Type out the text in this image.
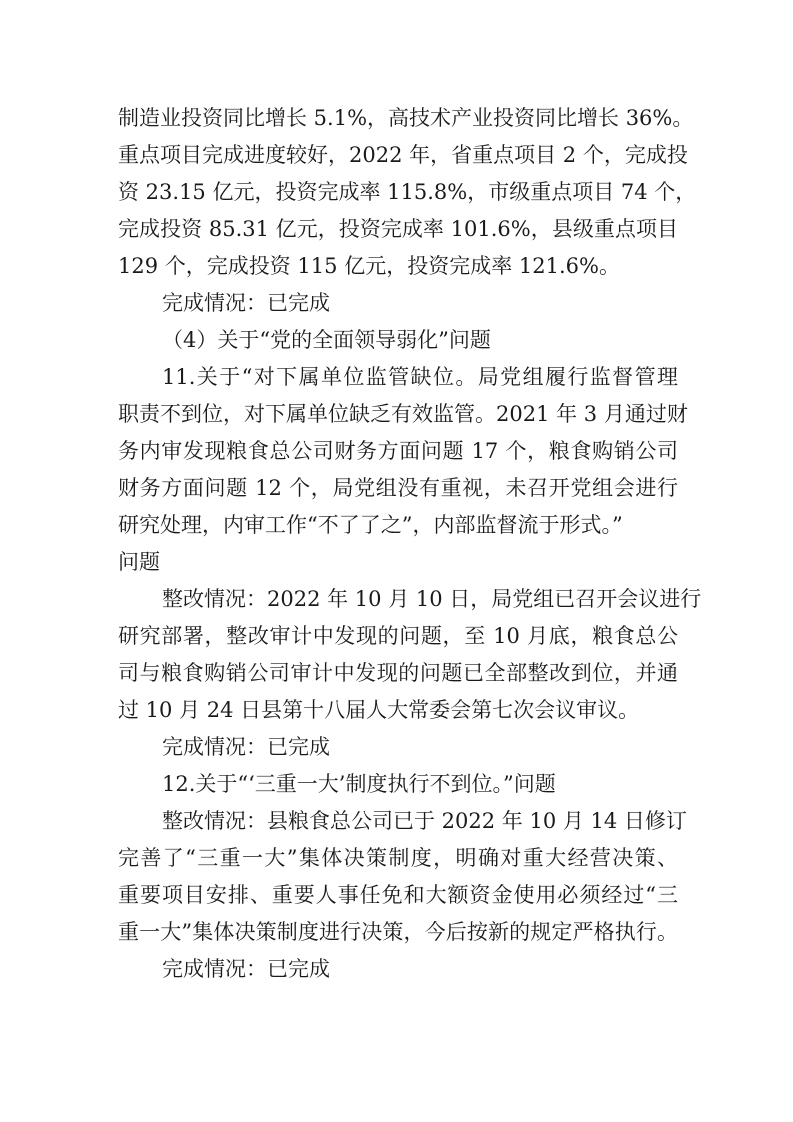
制造业投资同比增长 5.1%，高技术产业投资同比增长 36%。
重点项目完成进度较好，2022 年，省重点项目 2 个，完成投
资 23.15 亿元，投资完成率 115.8%，市级重点项目 74 个，
完成投资 85.31 亿元，投资完成率 101.6%，县级重点项目
129 个，完成投资 115 亿元，投资完成率 121.6%。
完成情况：已完成
（4）关于“党的全面领导弱化”问题
11.关于“对下属单位监管缺位。局党组履行监督管理
职责不到位，对下属单位缺乏有效监管。2021 年 3 月通过财
务内审发现粮食总公司财务方面问题 17 个，粮食购销公司
财务方面问题 12 个，局党组没有重视，未召开党组会进行
研究处理，内审工作“不了了之”，内部监督流于形式。”
问题
整改情况：2022 年 10 月 10 日，局党组已召开会议进行
研究部署，整改审计中发现的问题，至 10 月底，粮食总公
司与粮食购销公司审计中发现的问题已全部整改到位，并通
过 10 月 24 日县第十八届人大常委会第七次会议审议。
完成情况：已完成
12.关于“‘三重一大’制度执行不到位。”问题
整改情况：县粮食总公司已于 2022 年 10 月 14 日修订
完善了“三重一大”集体决策制度，明确对重大经营决策、
重要项目安排、重要人事任免和大额资金使用必须经过“三
重一大”集体决策制度进行决策，今后按新的规定严格执行。
完成情况：已完成
